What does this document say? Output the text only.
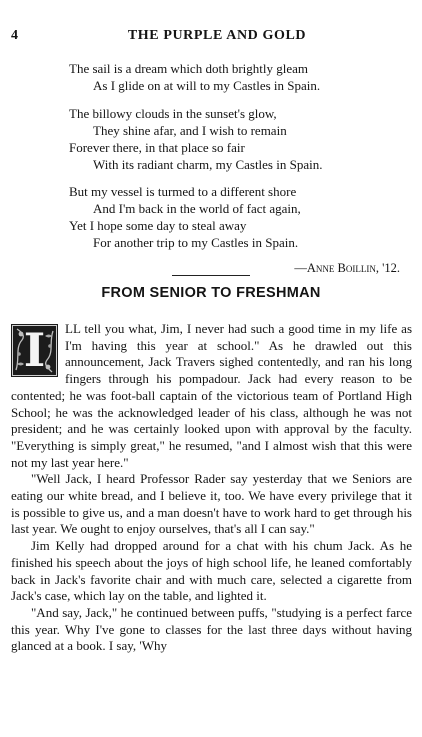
4	THE PURPLE AND GOLD
The sail is a dream which doth brightly gleam
As I glide on at will to my Castles in Spain.
The billowy clouds in the sunset's glow,
They shine afar, and I wish to remain
Forever there, in that place so fair
With its radiant charm, my Castles in Spain.
But my vessel is turmed to a different shore
And I'm back in the world of fact again,
Yet I hope some day to steal away
For another trip to my Castles in Spain.
—Anne Boillin, '12.
FROM SENIOR TO FRESHMAN

I	LL tell you what, Jim, I never had such a good time in my life as I'm having this year at school." As he drawled out this announcement, Jack Travers sighed contentedly, and ran his long fingers through his pompadour. Jack had every reason to be contented; he was foot-ball captain of the victorious team of Portland High School; he was the acknowledged leader of his class, although he was not president; and he was certainly looked upon with approval by the faculty. "Everything is simply great," he resumed, "and I almost wish that this were not my last year here."

"Well Jack, I heard Professor Rader say yesterday that we Seniors are eating our white bread, and I believe it, too. We have every privilege that it is possible to give us, and a man doesn't have to work hard to get through his last year. We ought to enjoy ourselves, that's all I can say."

Jim Kelly had dropped around for a chat with his chum Jack. As he finished his speech about the joys of high school life, he leaned comfortably back in Jack's favorite chair and with much care, selected a cigarette from Jack's case, which lay on the table, and lighted it.

"And say, Jack," he continued between puffs, "studying is a perfect farce this year. Why I've gone to classes for the last three days without having glanced at a book. I say, 'Why
